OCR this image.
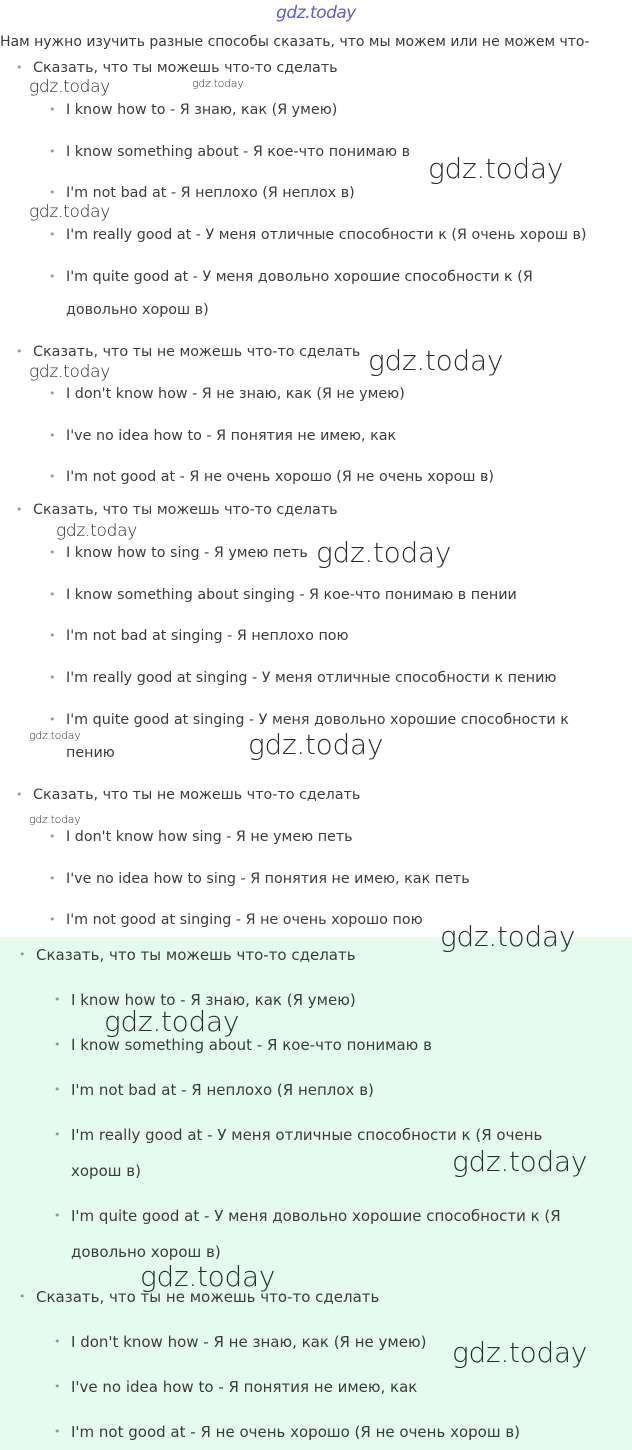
gdz.today
Нам нужно изучить разные способы сказать, что мы можем или не можем что-
• Сказать, что ты можешь что-то сделать
• I know how to - Я знаю, как (Я умею)
• I know something about - Я кое-что понимаю в
• I'm not bad at - Я неплохо (Я неплох в)
• I'm really good at - У меня отличные способности к (Я очень хорош в)
• I'm quite good at - У меня довольно хорошие способности к (Я
довольно хорош в)
• Сказать, что ты не можешь что-то сделать
• I don't know how - Я не знаю, как (Я не умею)
• I've no idea how to - Я понятия не имею, как
• I'm not good at - Я не очень хорошо (Я не очень хорош в)
• Сказать, что ты можешь что-то сделать
• I know how to sing - Я умею петь
• I know something about singing - Я кое-что понимаю в пении
• I'm not bad at singing - Я неплохо пою
• I'm really good at singing - У меня отличные способности к пению
• I'm quite good at singing - У меня довольно хорошие способности к
пению
• Сказать, что ты не можешь что-то сделать
• I don't know how sing - Я не умею петь
• I've no idea how to sing - Я понятия не имею, как петь
• I'm not good at singing - Я не очень хорошо пою
• Сказать, что ты можешь что-то сделать
• I know how to - Я знаю, как (Я умею)
• I know something about - Я кое-что понимаю в
• I'm not bad at - Я неплохо (Я неплох в)
• I'm really good at - У меня отличные способности к (Я очень
хорош в)
• I'm quite good at - У меня довольно хорошие способности к (Я
довольно хорош в)
• Сказать, что ты не можешь что-то сделать
• I don't know how - Я не знаю, как (Я не умею)
• I've no idea how to - Я понятия не имею, как
• I'm not good at - Я не очень хорошо (Я не очень хорош в)
gdz.today	gdz.today
gdz.today
gdz.today
gdz.today
gdz.today
gdz.today
gdz.today
gdz.today	gdz.today
gdz.today
gdz.today
gdz.today
gdz.today
gdz.today
gdz.today
